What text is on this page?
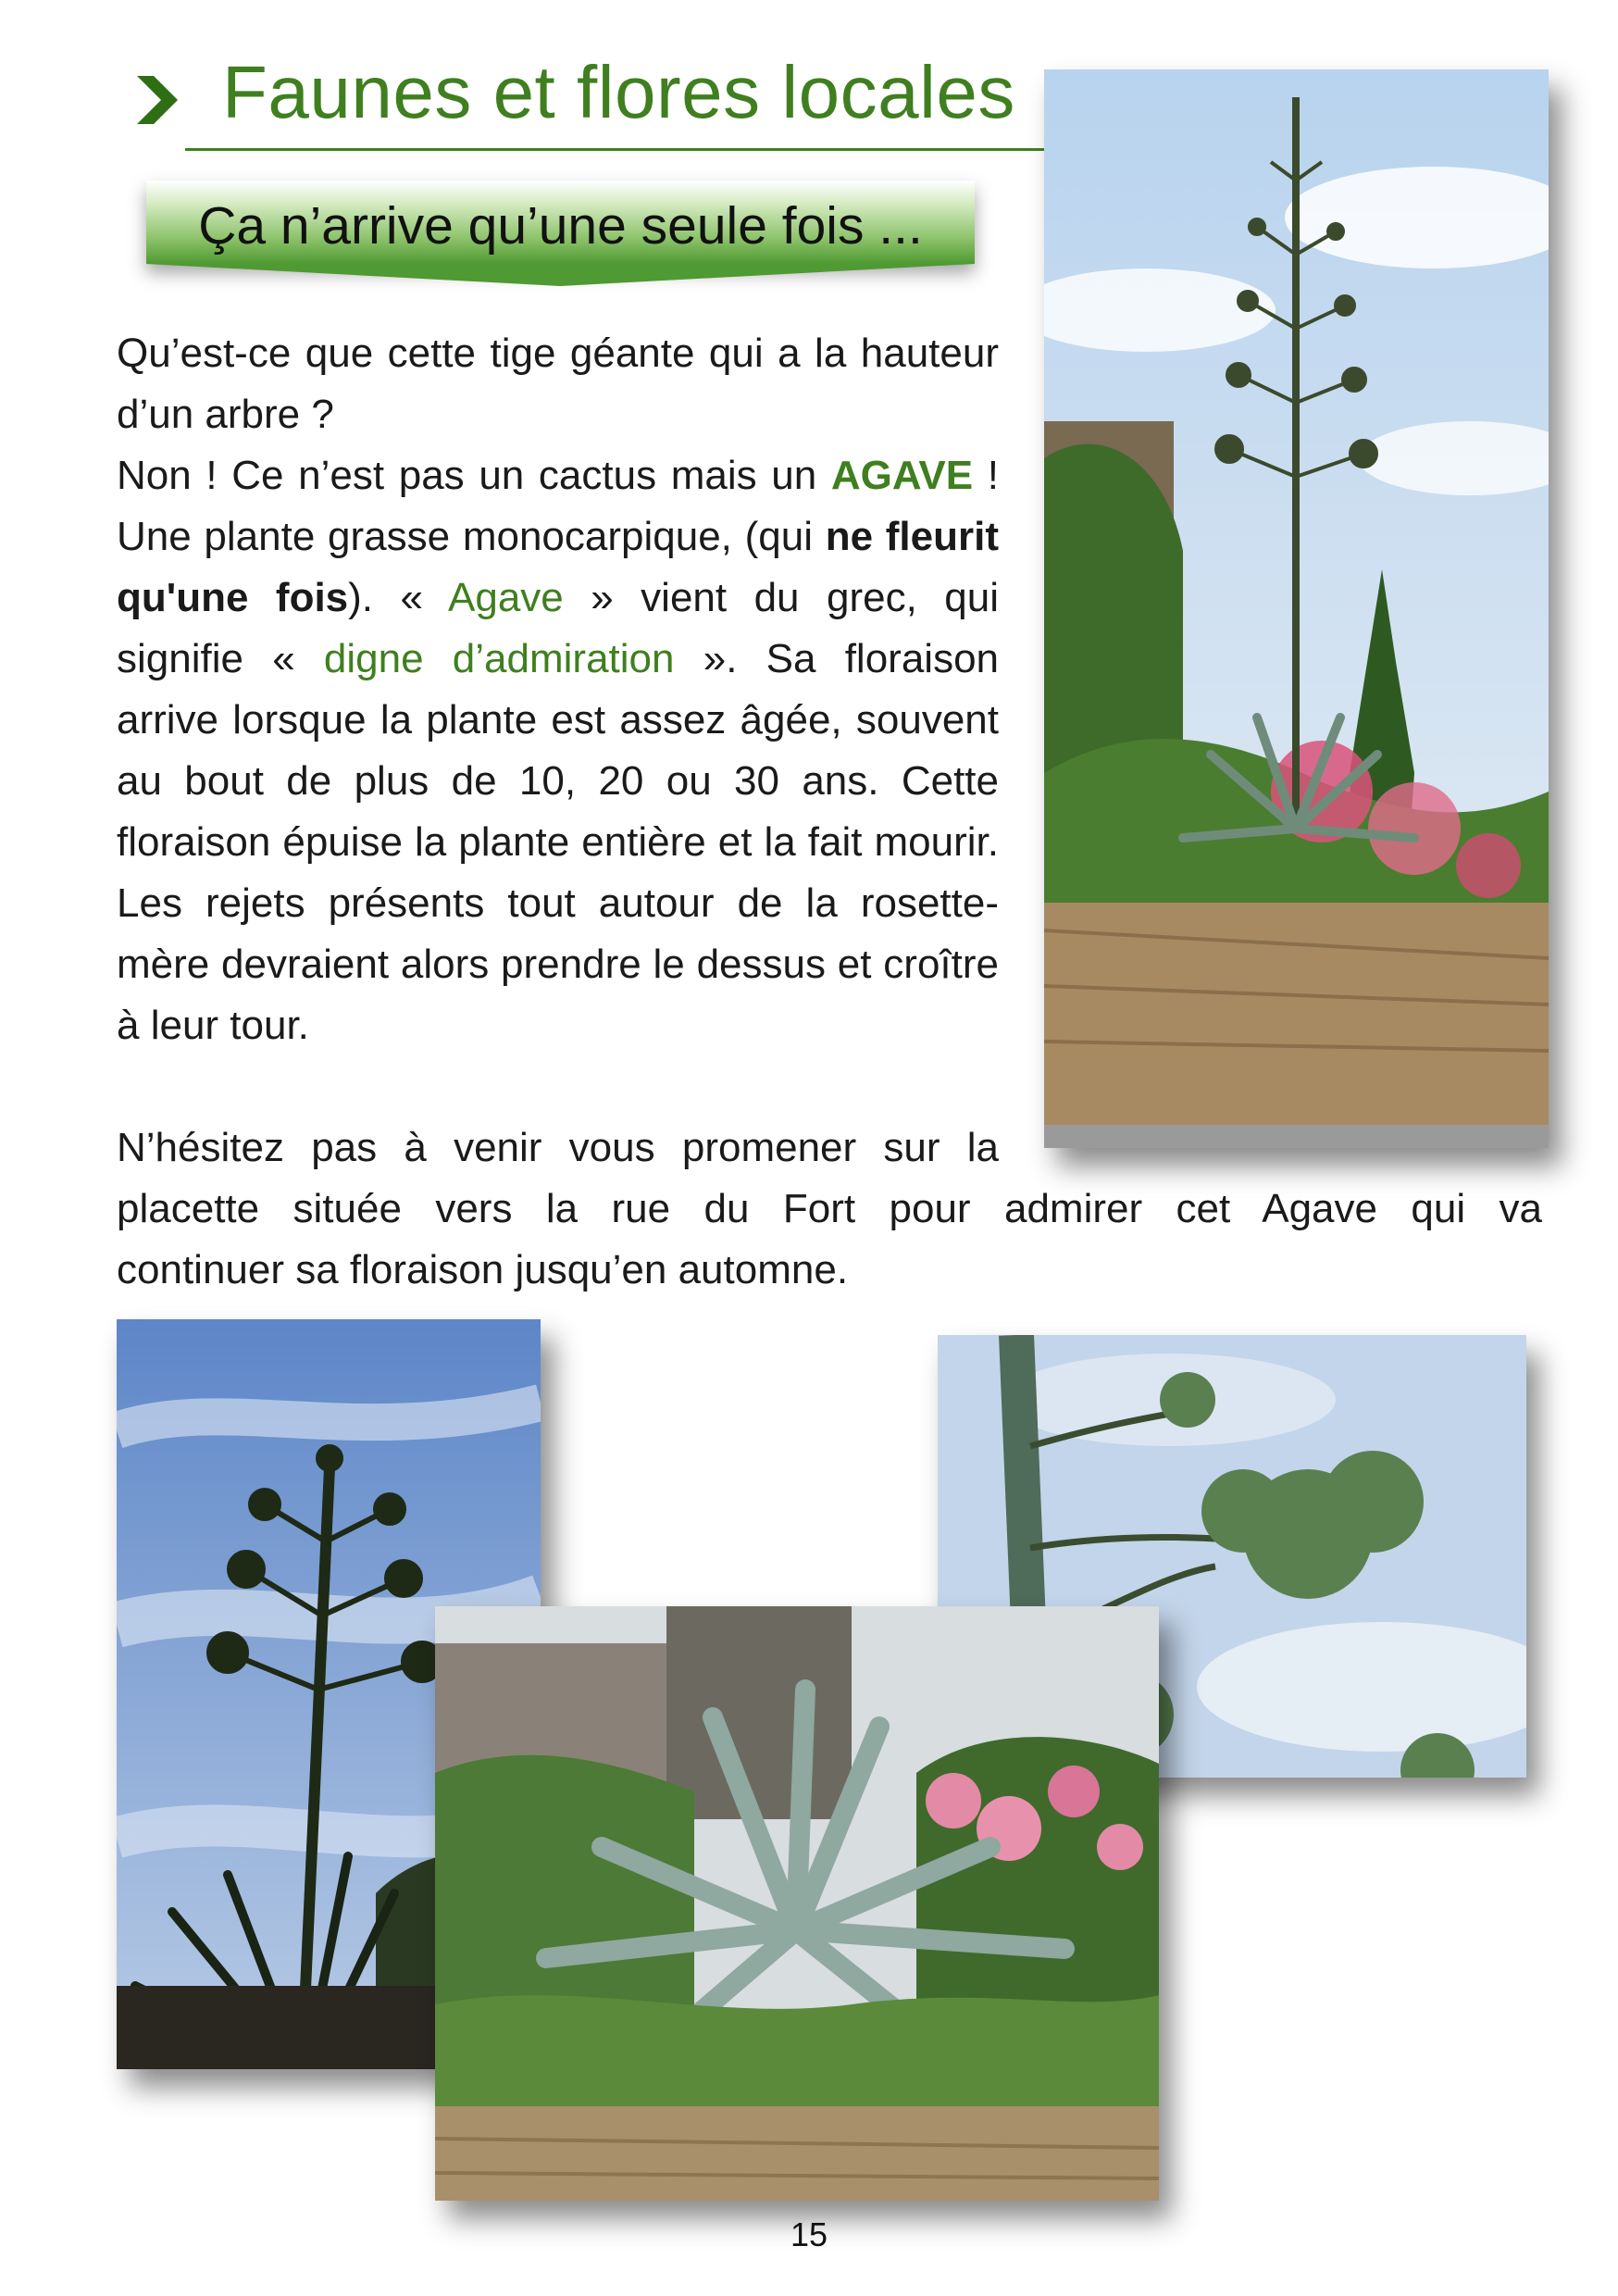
Faunes et flores locales
Ça n’arrive qu’une seule fois ...

Qu’est-ce que cette tige géante qui a la hauteur d’un arbre ?

Non ! Ce n’est pas un cactus mais un AGAVE ! Une plante grasse monocarpique, (qui ne fleurit qu'une fois). « Agave » vient du grec, qui signifie « digne d’admiration ». Sa floraison arrive lorsque la plante est assez âgée, souvent au bout de plus de 10, 20 ou 30 ans. Cette floraison épuise la plante entière et la fait mourir. Les rejets présents tout autour de la rosette-mère devraient alors prendre le dessus et croître à leur tour.

N’hésitez pas à venir vous promener sur la

placette située vers la rue du Fort pour admirer cet Agave qui va

continuer sa floraison jusqu’en automne.

15
